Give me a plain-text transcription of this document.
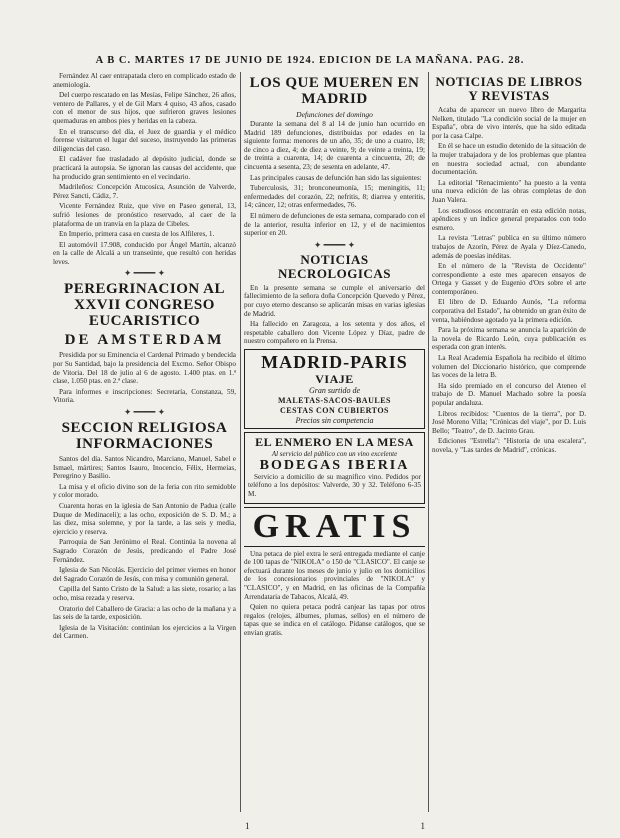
A B C. MARTES 17 DE JUNIO DE 1924. EDICION DE LA MAÑANA. PAG. 28.

Fernández Al caer entrapatada clero en complicado estado de anemiología.

Del cuerpo rescatado en las Mesías, Felipe Sánchez, 26 años, ventero de Pallares, y el de Gil Marx 4 quiso, 43 años, casado con el menor de sus hijos, que sufrieron graves lesiones quemaduras en ambos pies y heridas en la cabeza.

En el transcurso del día, el Juez de guardia y el médico forense visitaron el lugar del suceso, instruyendo las primeras diligencias del caso.

El cadáver fue trasladado al depósito judicial, donde se practicará la autopsia. Se ignoran las causas del accidente, que ha producido gran sentimiento en el vecindario.

Madrileños: Concepción Atucosíca, Asunción de Valverde, Pérez Sancti, Cádiz, 7.

Vicente Fernández Ruiz, que vive en Paseo general, 13, sufrió lesiones de pronóstico reservado, al caer de la plataforma de un tranvía en la plaza de Cibeles.

En Imperio, primera casa en cuesta de los Alfileres, 1.

El automóvil 17.908, conducido por Ángel Martín, alcanzó en la calle de Alcalá a un transeúnte, que resultó con heridas leves.

✦ ━━━━ ✦
PEREGRINACION AL XXVII CONGRESO EUCARISTICO
DE AMSTERDAM

Presidida por su Eminencia el Cardenal Primado y bendecida por Su Santidad, bajo la presidencia del Excmo. Señor Obispo de Vitoria. Del 18 de julio al 6 de agosto. 1.400 ptas. en 1.ª clase, 1.050 ptas. en 2.ª clase.

Para informes e inscripciones: Secretaría, Constanza, 59, Vitoria.

✦ ━━━━ ✦
SECCION RELIGIOSA INFORMACIONES

Santos del día. Santos Nicandro, Marciano, Manuel, Sabel e Ismael, mártires; Santos Isauro, Inocencio, Félix, Hermeias, Peregrino y Basilio.

La misa y el oficio divino son de la feria con rito semidoble y color morado.

Cuarenta horas en la iglesia de San Antonio de Padua (calle Duque de Medinaceli); a las ocho, exposición de S. D. M.; a las diez, misa solemne, y por la tarde, a las seis y media, ejercicio y reserva.

Parroquia de San Jerónimo el Real. Continúa la novena al Sagrado Corazón de Jesús, predicando el Padre José Fernández.

Iglesia de San Nicolás. Ejercicio del primer viernes en honor del Sagrado Corazón de Jesús, con misa y comunión general.

Capilla del Santo Cristo de la Salud: a las siete, rosario; a las ocho, misa rezada y reserva.

Oratorio del Caballero de Gracia: a las ocho de la mañana y a las seis de la tarde, exposición.

Iglesia de la Visitación: continúan los ejercicios a la Virgen del Carmen.

LOS QUE MUEREN EN MADRID
Defunciones del domingo

Durante la semana del 8 al 14 de junio han ocurrido en Madrid 189 defunciones, distribuidas por edades en la siguiente forma: menores de un año, 35; de uno a cuatro, 18; de cinco a diez, 4; de diez a veinte, 9; de veinte a treinta, 19; de treinta a cuarenta, 14; de cuarenta a cincuenta, 20; de cincuenta a sesenta, 23; de sesenta en adelante, 47.

Las principales causas de defunción han sido las siguientes:

Tuberculosis, 31; bronconeumonía, 15; meningitis, 11; enfermedades del corazón, 22; nefritis, 8; diarrea y enteritis, 14; cáncer, 12; otras enfermedades, 76.

El número de defunciones de esta semana, comparado con el de la anterior, resulta inferior en 12, y el de nacimientos superior en 20.

✦ ━━━━ ✦
NOTICIAS NECROLOGICAS

En la presente semana se cumple el aniversario del fallecimiento de la señora doña Concepción Quevedo y Pérez, por cuyo eterno descanso se aplicarán misas en varias iglesias de Madrid.

Ha fallecido en Zaragoza, a los setenta y dos años, el respetable caballero don Vicente López y Díaz, padre de nuestro compañero en la Prensa.

MADRID-PARIS
VIAJE
Gran surtido de
MALETAS-SACOS-BAULES
CESTAS CON CUBIERTOS
Precios sin competencia
EL ENMERO EN LA MESA
Al servicio del público con un vino excelente
BODEGAS IBERIA

Servicio a domicilio de su magnífico vino. Pedidos por teléfono a los depósitos: Valverde, 30 y 32. Teléfono 6-35 M.

GRATIS

Una petaca de piel extra le será entregada mediante el canje de 100 tapas de "NIKOLA" o 150 de "CLASICO". El canje se efectuará durante los meses de junio y julio en los domicilios de los concesionarios provinciales de "NIKOLA" y "CLASICO", y en Madrid, en las oficinas de la Compañía Arrendataria de Tabacos, Alcalá, 49.

Quien no quiera petaca podrá canjear las tapas por otros regalos (relojes, álbumes, plumas, sellos) en el número de tapas que se indica en el catálogo. Pídanse catálogos, que se envían gratis.

NOTICIAS DE LIBROS Y REVISTAS

Acaba de aparecer un nuevo libro de Margarita Nelken, titulado "La condición social de la mujer en España", obra de vivo interés, que ha sido editada por la casa Calpe.

En él se hace un estudio detenido de la situación de la mujer trabajadora y de los problemas que plantea en nuestra sociedad actual, con abundante documentación.

La editorial "Renacimiento" ha puesto a la venta una nueva edición de las obras completas de don Juan Valera.

Los estudiosos encontrarán en esta edición notas, apéndices y un índice general preparados con todo esmero.

La revista "Letras" publica en su último número trabajos de Azorín, Pérez de Ayala y Díez-Canedo, además de poesías inéditas.

En el número de la "Revista de Occidente" correspondiente a este mes aparecen ensayos de Ortega y Gasset y de Eugenio d'Ors sobre el arte contemporáneo.

El libro de D. Eduardo Aunós, "La reforma corporativa del Estado", ha obtenido un gran éxito de venta, habiéndose agotado ya la primera edición.

Para la próxima semana se anuncia la aparición de la novela de Ricardo León, cuya publicación es esperada con gran interés.

La Real Academia Española ha recibido el último volumen del Diccionario histórico, que comprende las voces de la letra B.

Ha sido premiado en el concurso del Ateneo el trabajo de D. Manuel Machado sobre la poesía popular andaluza.

Libros recibidos: "Cuentos de la tierra", por D. José Moreno Villa; "Crónicas del viaje", por D. Luis Bello; "Teatro", de D. Jacinto Grau.

Ediciones "Estrella": "Historia de una escalera", novela, y "Las tardes de Madrid", crónicas.

1	1
